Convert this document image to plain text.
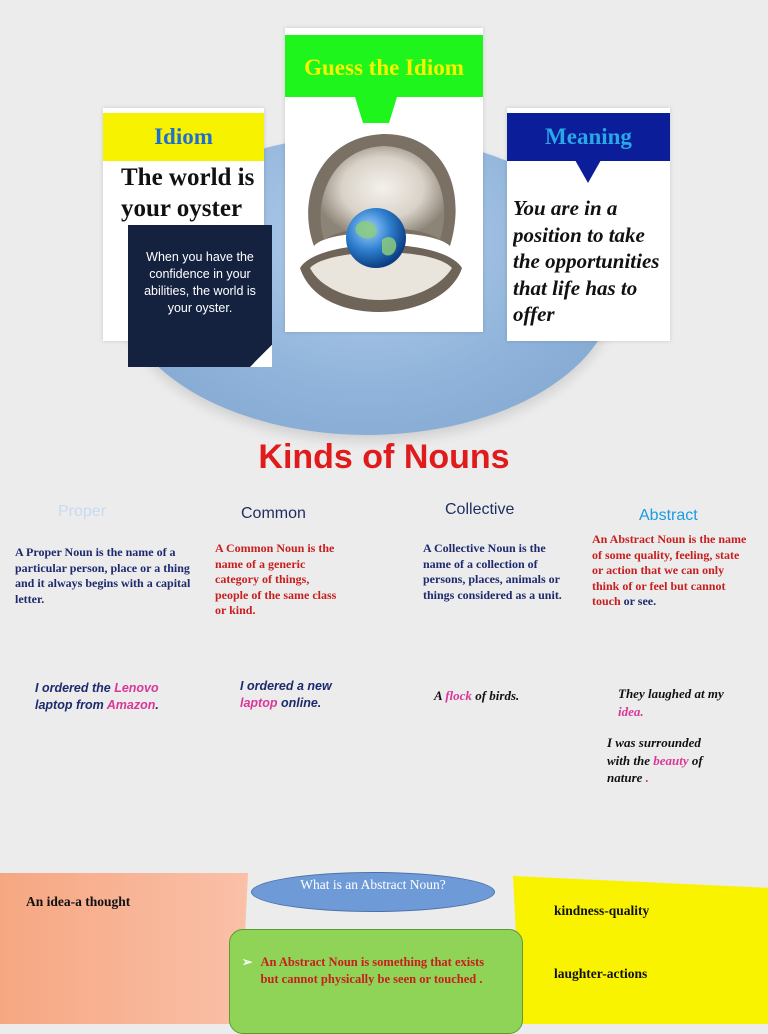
Idiom
Guess the Idiom
Meaning
The world is your oyster	You are in a position to take the opportunities that life has to offer
When you have the confidence in your abilities, the world is your oyster.
Kinds of Nouns
Proper	Common	Collective	Abstract
A Proper Noun is the name of a particular person, place or a thing and it always begins with a capital letter.
A Common Noun is the name of a generic category of things, people of the same class or kind.
A Collective Noun is the name of a collection of persons, places, animals or things considered as a unit.
An Abstract Noun is the name of some quality, feeling, state or action that we can only think of or feel but cannot touch or see.
I ordered the Lenovo laptop from Amazon.
I ordered a new laptop online.	A flock of birds.	They laughed at my idea.
I was surrounded with the beauty of nature .
An idea-a thought
kindness-quality
laughter-actions
➢ An Abstract Noun is something that exists but cannot physically be seen or touched .
What is an Abstract Noun?
